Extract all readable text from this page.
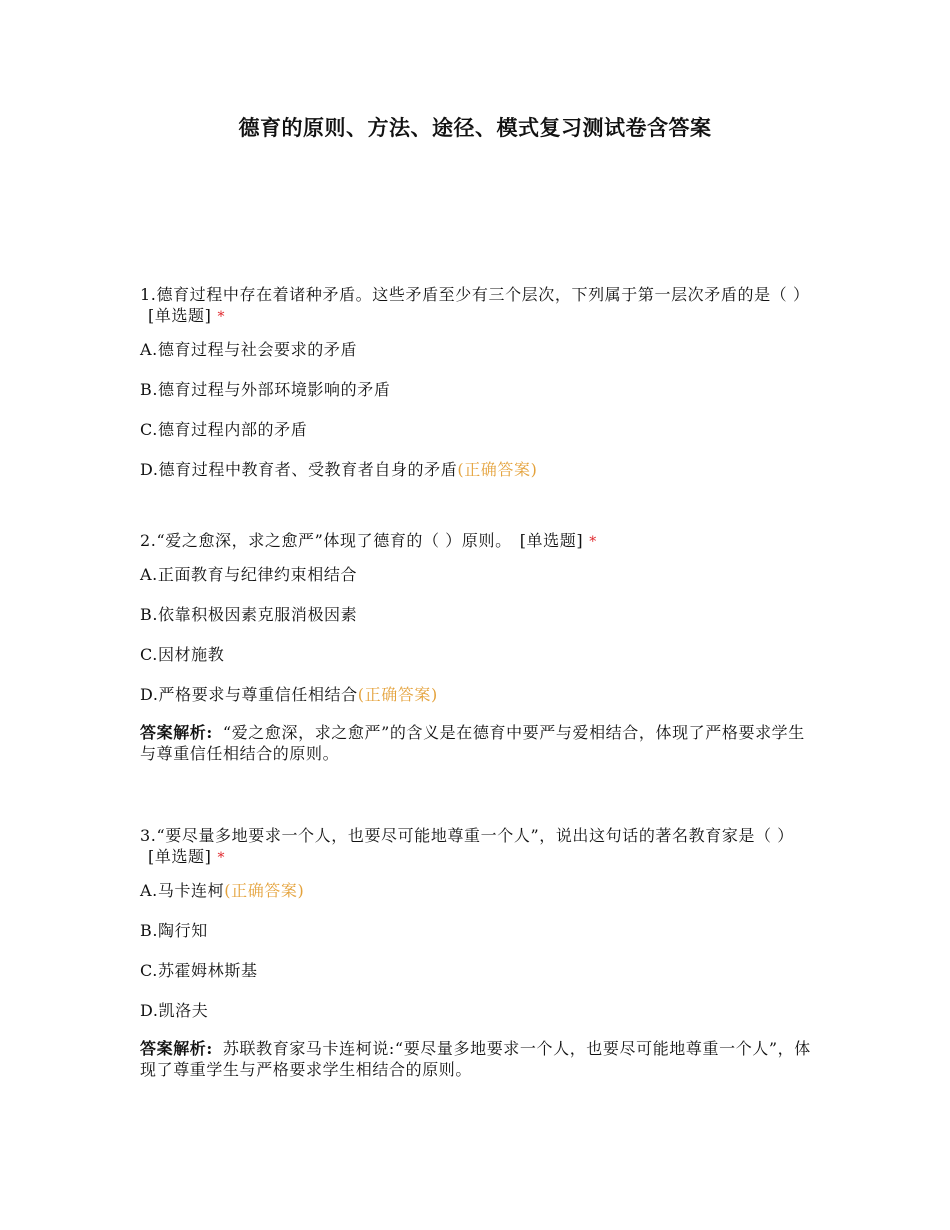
德育的原则、方法、途径、模式复习测试卷含答案
1.德育过程中存在着诸种矛盾。这些矛盾至少有三个层次，下列属于第一层次矛盾的是（ ）[单选题] *
A.德育过程与社会要求的矛盾
B.德育过程与外部环境影响的矛盾
C.德育过程内部的矛盾
D.德育过程中教育者、受教育者自身的矛盾(正确答案)
2.“爱之愈深，求之愈严”体现了德育的（ ）原则。 [单选题] *
A.正面教育与纪律约束相结合
B.依靠积极因素克服消极因素
C.因材施教
D.严格要求与尊重信任相结合(正确答案)
答案解析: “爱之愈深，求之愈严”的含义是在德育中要严与爱相结合，体现了严格要求学生与尊重信任相结合的原则。
3.“要尽量多地要求一个人，也要尽可能地尊重一个人”，说出这句话的著名教育家是（ ）[单选题] *
A.马卡连柯(正确答案)
B.陶行知
C.苏霍姆林斯基
D.凯洛夫
答案解析: 苏联教育家马卡连柯说:“要尽量多地要求一个人，也要尽可能地尊重一个人”，体现了尊重学生与严格要求学生相结合的原则。
